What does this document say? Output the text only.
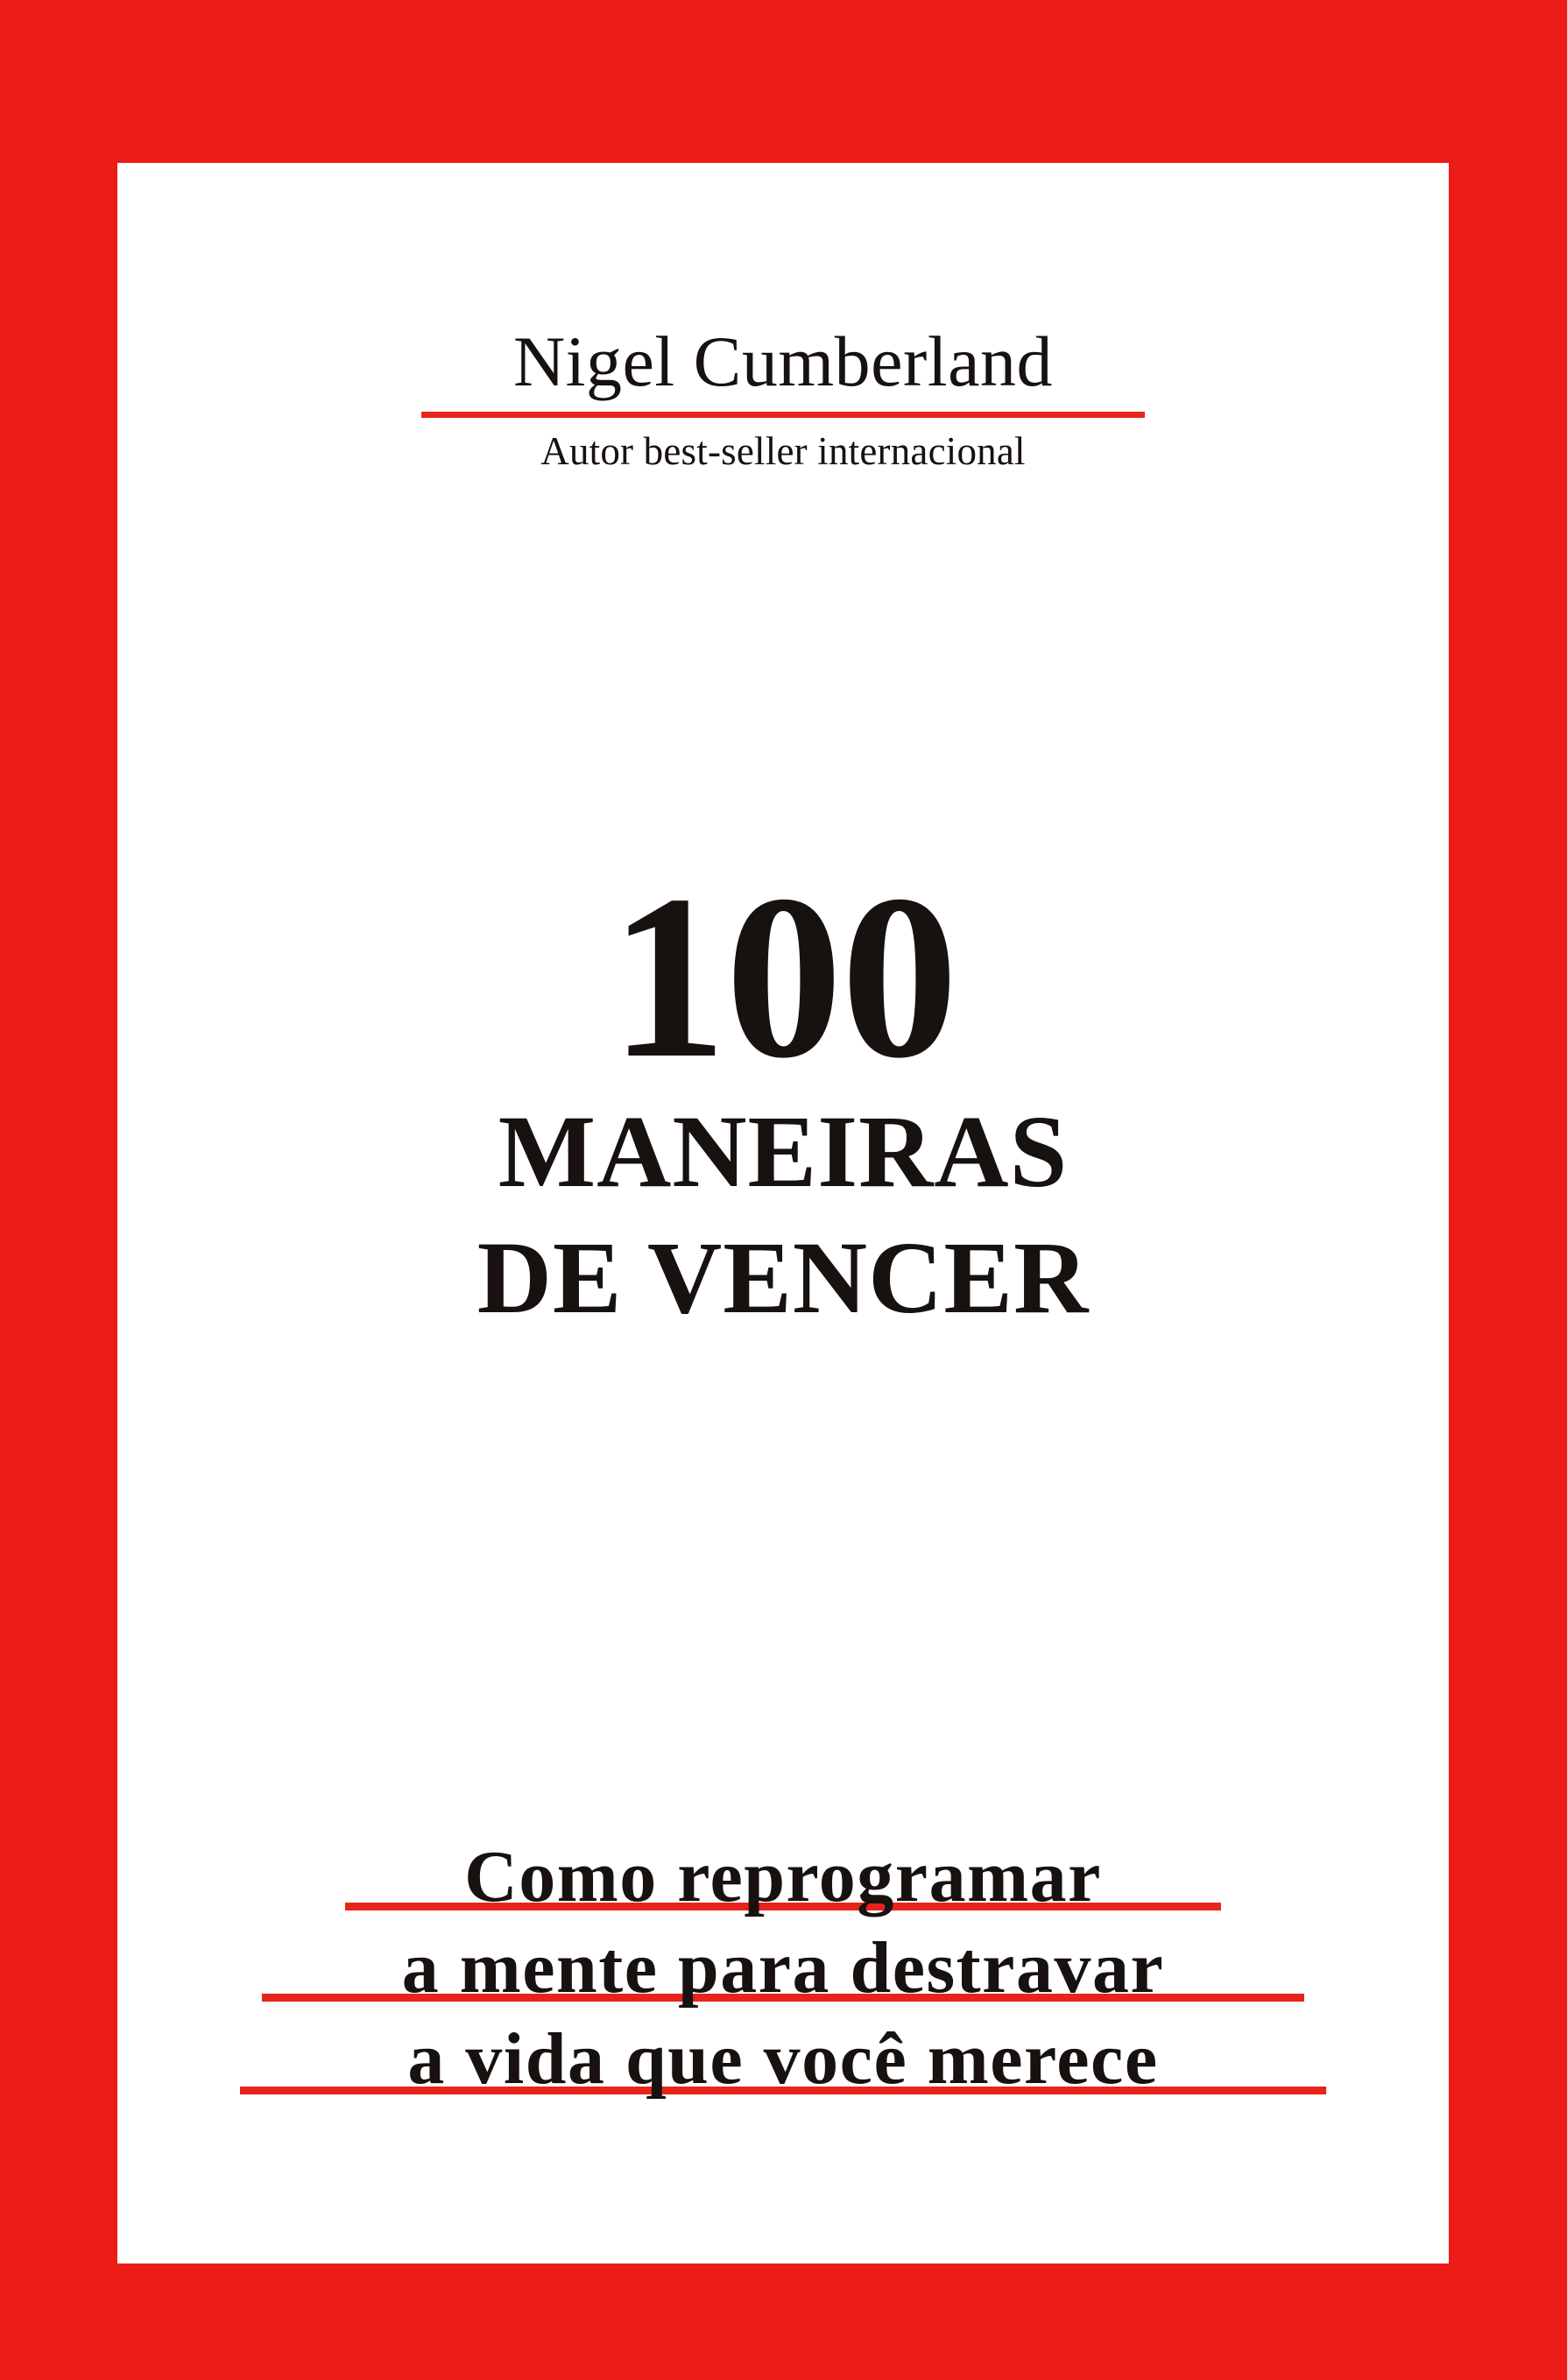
Nigel Cumberland
Autor best-seller internacional
100
MANEIRAS
DE VENCER
Como reprogramar
a mente para destravar
a vida que você merece
